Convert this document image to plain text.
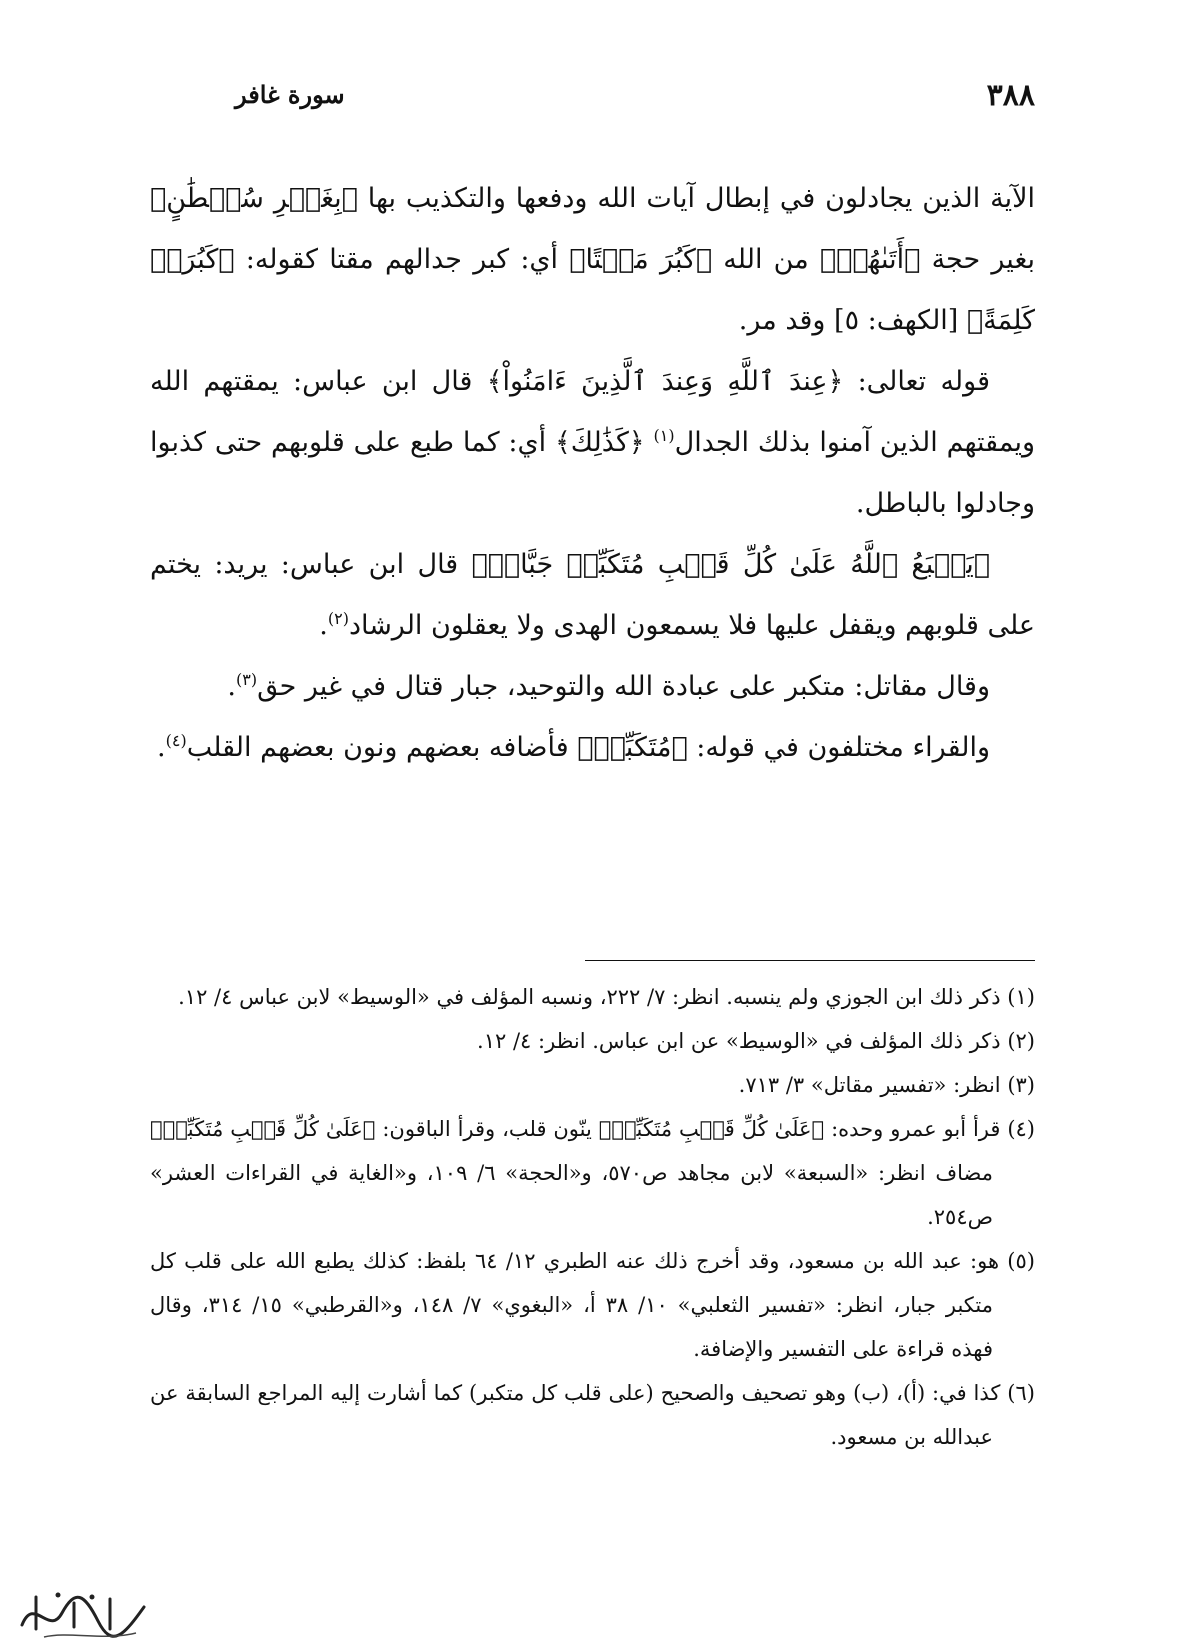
٣٨٨
سورة غافر

الآية الذين يجادلون في إبطال آيات الله ودفعها والتكذيب بها ﴿بِغَيۡرِ سُلۡطَٰنٍ﴾ بغير حجة ﴿أَتَىٰهُمۡ﴾ من الله ﴿كَبُرَ مَقۡتًا﴾ أي: كبر جدالهم مقتا كقوله: ﴿كَبُرَتۡ كَلِمَةً﴾ [الكهف: ٥] وقد مر.

قوله تعالى: ﴿عِندَ ٱللَّهِ وَعِندَ ٱلَّذِينَ ءَامَنُواْ﴾ قال ابن عباس: يمقتهم الله ويمقتهم الذين آمنوا بذلك الجدال$^{(١)}$ ﴿كَذَٰلِكَ﴾ أي: كما طبع على قلوبهم حتى كذبوا وجادلوا بالباطل.

﴿يَطۡبَعُ ٱللَّهُ عَلَىٰ كُلِّ قَلۡبِ مُتَكَبِّرٖ جَبَّارٖ﴾ قال ابن عباس: يريد: يختم على قلوبهم ويقفل عليها فلا يسمعون الهدى ولا يعقلون الرشاد$^{(٢)}$.

وقال مقاتل: متكبر على عبادة الله والتوحيد، جبار قتال في غير حق$^{(٣)}$.

والقراء مختلفون في قوله: ﴿مُتَكَبِّرٖ﴾ فأضافه بعضهم ونون بعضهم القلب$^{(٤)}$.

(١) ذكر ذلك ابن الجوزي ولم ينسبه. انظر: ٧/ ٢٢٢، ونسبه المؤلف في «الوسيط» لابن عباس ٤/ ١٢.

(٢) ذكر ذلك المؤلف في «الوسيط» عن ابن عباس. انظر: ٤/ ١٢.

(٣) انظر: «تفسير مقاتل» ٣/ ٧١٣.

(٤) قرأ أبو عمرو وحده: ﴿عَلَىٰ كُلِّ قَلۡبِ مُتَكَبِّرٖ﴾ ينّون قلب، وقرأ الباقون: ﴿عَلَىٰ كُلِّ قَلۡبِ مُتَكَبِّرٖ﴾ مضاف انظر: «السبعة» لابن مجاهد ص٥٧٠، و«الحجة» ٦/ ١٠٩، و«الغاية في القراءات العشر» ص٢٥٤.

(٥) هو: عبد الله بن مسعود، وقد أخرج ذلك عنه الطبري ١٢/ ٦٤ بلفظ: كذلك يطبع الله على قلب كل متكبر جبار، انظر: «تفسير الثعلبي» ١٠/ ٣٨ أ، «البغوي» ٧/ ١٤٨، و«القرطبي» ١٥/ ٣١٤، وقال فهذه قراءة على التفسير والإضافة.

(٦) كذا في: (أ)، (ب) وهو تصحيف والصحيح (على قلب كل متكبر) كما أشارت إليه المراجع السابقة عن عبدالله بن مسعود.
